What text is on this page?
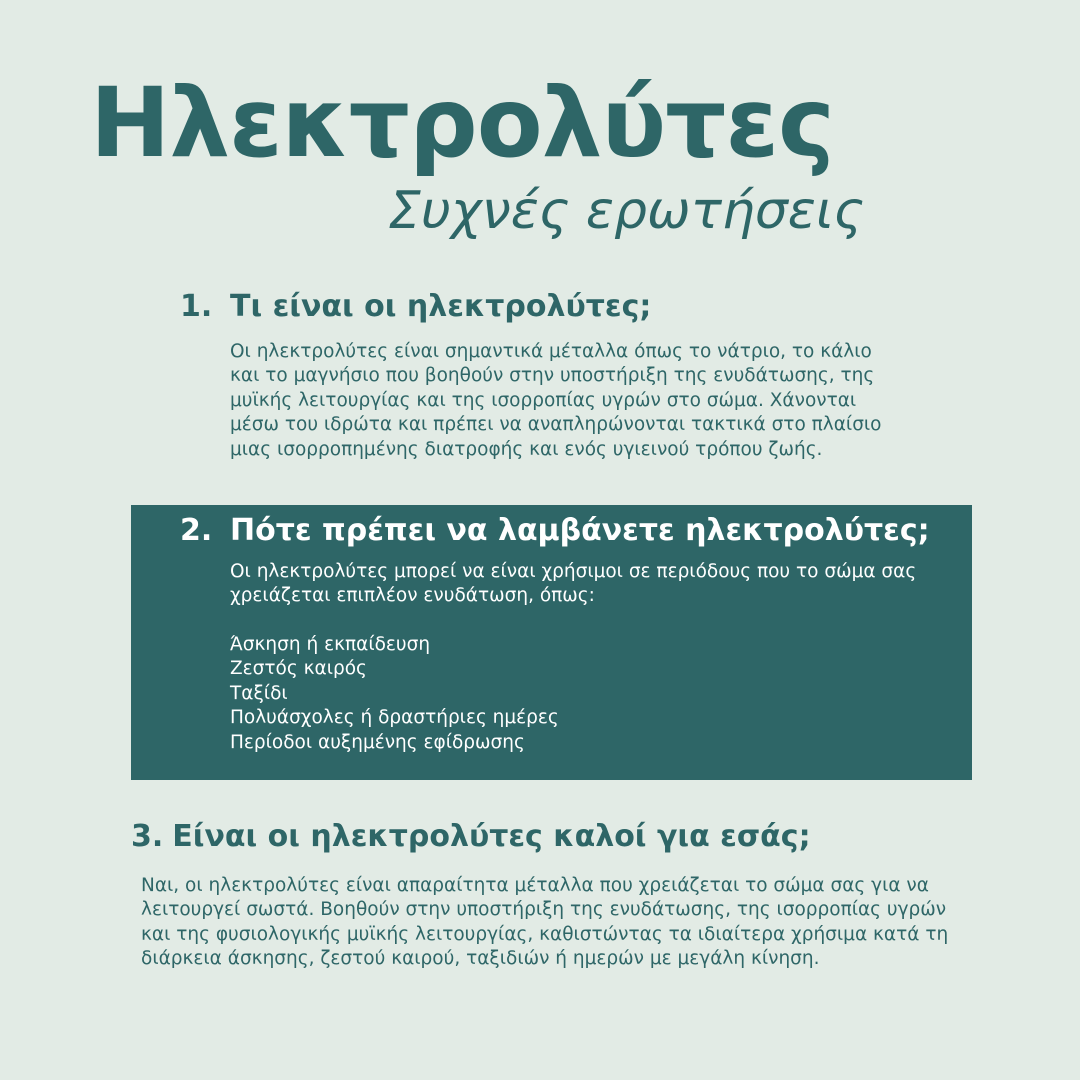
Ηλεκτρολύτες
Συχνές ερωτήσεις
1. Τι είναι οι ηλεκτρολύτες;

Οι ηλεκτρολύτες είναι σημαντικά μέταλλα όπως το νάτριο, το κάλιο και το μαγνήσιο που βοηθούν στην υποστήριξη της ενυδάτωσης, της μυϊκής λειτουργίας και της ισορροπίας υγρών στο σώμα. Χάνονται μέσω του ιδρώτα και πρέπει να αναπληρώνονται τακτικά στο πλαίσιο μιας ισορροπημένης διατροφής και ενός υγιεινού τρόπου ζωής.

2. Πότε πρέπει να λαμβάνετε ηλεκτρολύτες;

Οι ηλεκτρολύτες μπορεί να είναι χρήσιμοι σε περιόδους που το σώμα σας χρειάζεται επιπλέον ενυδάτωση, όπως:

Άσκηση ή εκπαίδευση
Ζεστός καιρός
Ταξίδι
Πολυάσχολες ή δραστήριες ημέρες
Περίοδοι αυξημένης εφίδρωσης
3. Είναι οι ηλεκτρολύτες καλοί για εσάς;

Ναι, οι ηλεκτρολύτες είναι απαραίτητα μέταλλα που χρειάζεται το σώμα σας για να λειτουργεί σωστά. Βοηθούν στην υποστήριξη της ενυδάτωσης, της ισορροπίας υγρών και της φυσιολογικής μυϊκής λειτουργίας, καθιστώντας τα ιδιαίτερα χρήσιμα κατά τη διάρκεια άσκησης, ζεστού καιρού, ταξιδιών ή ημερών με μεγάλη κίνηση.
